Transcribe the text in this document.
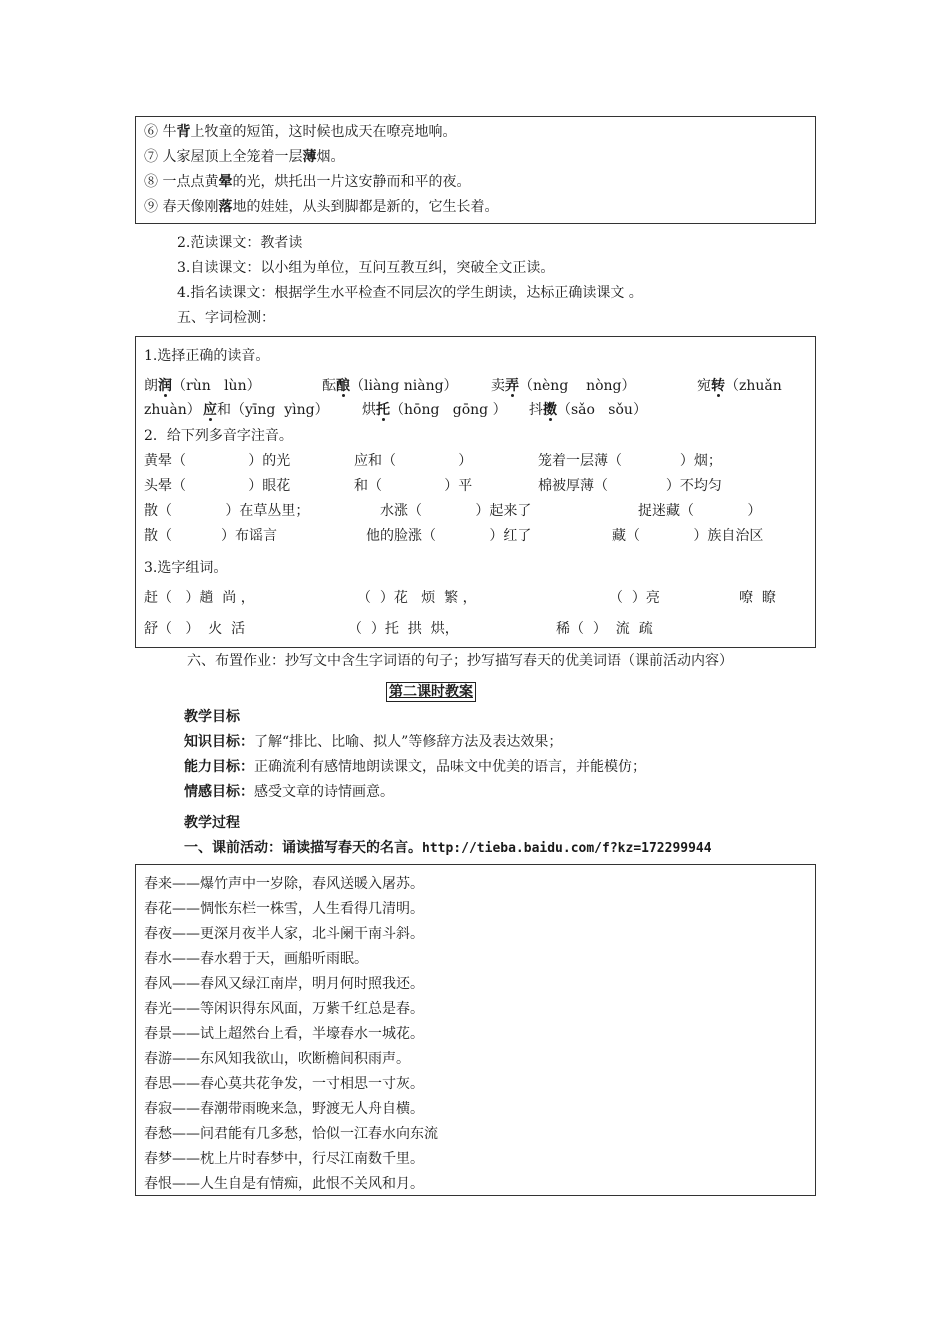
⑥ 牛背上牧童的短笛，这时候也成天在嘹亮地响。
⑦ 人家屋顶上全笼着一层薄烟。
⑧ 一点点黄晕的光，烘托出一片这安静而和平的夜。
⑨ 春天像刚落地的娃娃，从头到脚都是新的，它生长着。
2.范读课文：教者读
3.自读课文：以小组为单位，互问互教互纠，突破全文正读。
4.指名读课文：根据学生水平检查不同层次的学生朗读，达标正确读课文 。
五、字词检测：
1.选择正确的读音。
朗润（rùn   lùn）	酝酿（liàng niàng） 卖弄（nèng    nòng）	宛转（zhuǎn
zhuàn） 应和（yīng  yìng） 烘托（hōng   gōng ） 抖擞（sǎo   sǒu）
2．给下列多音字注音。
黄晕（              ）的光	应和（              ）	笼着一层薄（             ）烟；
头晕（              ）眼花	和（              ）平	棉被厚薄（             ）不均匀
散（            ）在草丛里；	水涨（            ）起来了	捉迷藏（            ）
散（           ）布谣言	他的脸涨（            ）红了	藏（            ）族自治区
3.选字组词。
赶（   ）趟  尚 ，	（  ）花   烦  繁 ，	（  ）亮	嘹  瞭
舒（   ）  火  活	（  ）托  拱  烘，	稀（  ）  流  疏
六、布置作业：抄写文中含生字词语的句子；抄写描写春天的优美词语（课前活动内容）
第二课时教案
教学目标
知识目标：了解“排比、比喻、拟人”等修辞方法及表达效果；
能力目标：正确流利有感情地朗读课文，品味文中优美的语言，并能模仿；
情感目标：感受文章的诗情画意。
教学过程
一、课前活动：诵读描写春天的名言。http://tieba.baidu.com/f?kz=172299944
春来——爆竹声中一岁除，春风送暖入屠苏。
春花——惆怅东栏一株雪，人生看得几清明。
春夜——更深月夜半人家，北斗阑干南斗斜。
春水——春水碧于天，画船听雨眠。
春风——春风又绿江南岸，明月何时照我还。
春光——等闲识得东风面，万紫千红总是春。
春景——试上超然台上看，半壕春水一城花。
春游——东风知我欲山，吹断檐间积雨声。
春思——春心莫共花争发，一寸相思一寸灰。
春寂——春潮带雨晚来急，野渡无人舟自横。
春愁——问君能有几多愁，恰似一江春水向东流
春梦——枕上片时春梦中，行尽江南数千里。
春恨——人生自是有情痴，此恨不关风和月。
